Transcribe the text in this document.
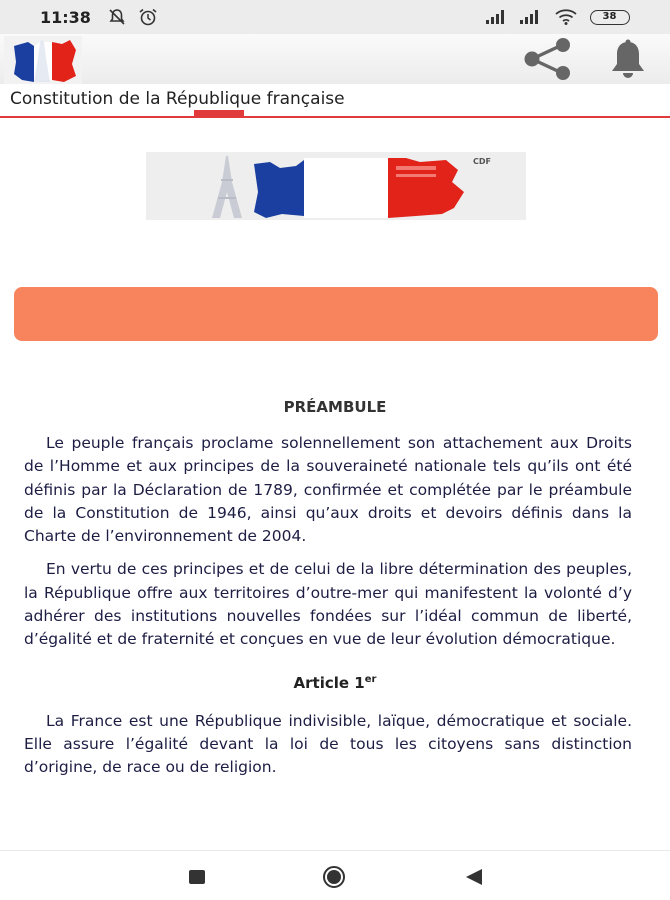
11:38	38
Constitution de la République française
CDF
PRÉAMBULE

Le peuple français proclame solennellement son attachement aux Droits de l’Homme et aux principes de la souveraineté nationale tels qu’ils ont été définis par la Déclaration de 1789, confirmée et complétée par le préambule de la Constitution de 1946, ainsi qu’aux droits et devoirs définis dans la Charte de l’environnement de 2004.

En vertu de ces principes et de celui de la libre détermination des peuples, la République offre aux territoires d’outre-mer qui manifestent la volonté d’y adhérer des institutions nouvelles fondées sur l’idéal commun de liberté, d’égalité et de fraternité et conçues en vue de leur évolution démocratique.

Article 1er

La France est une République indivisible, laïque, démocratique et sociale. Elle assure l’égalité devant la loi de tous les citoyens sans distinction d’origine, de race ou de religion.
